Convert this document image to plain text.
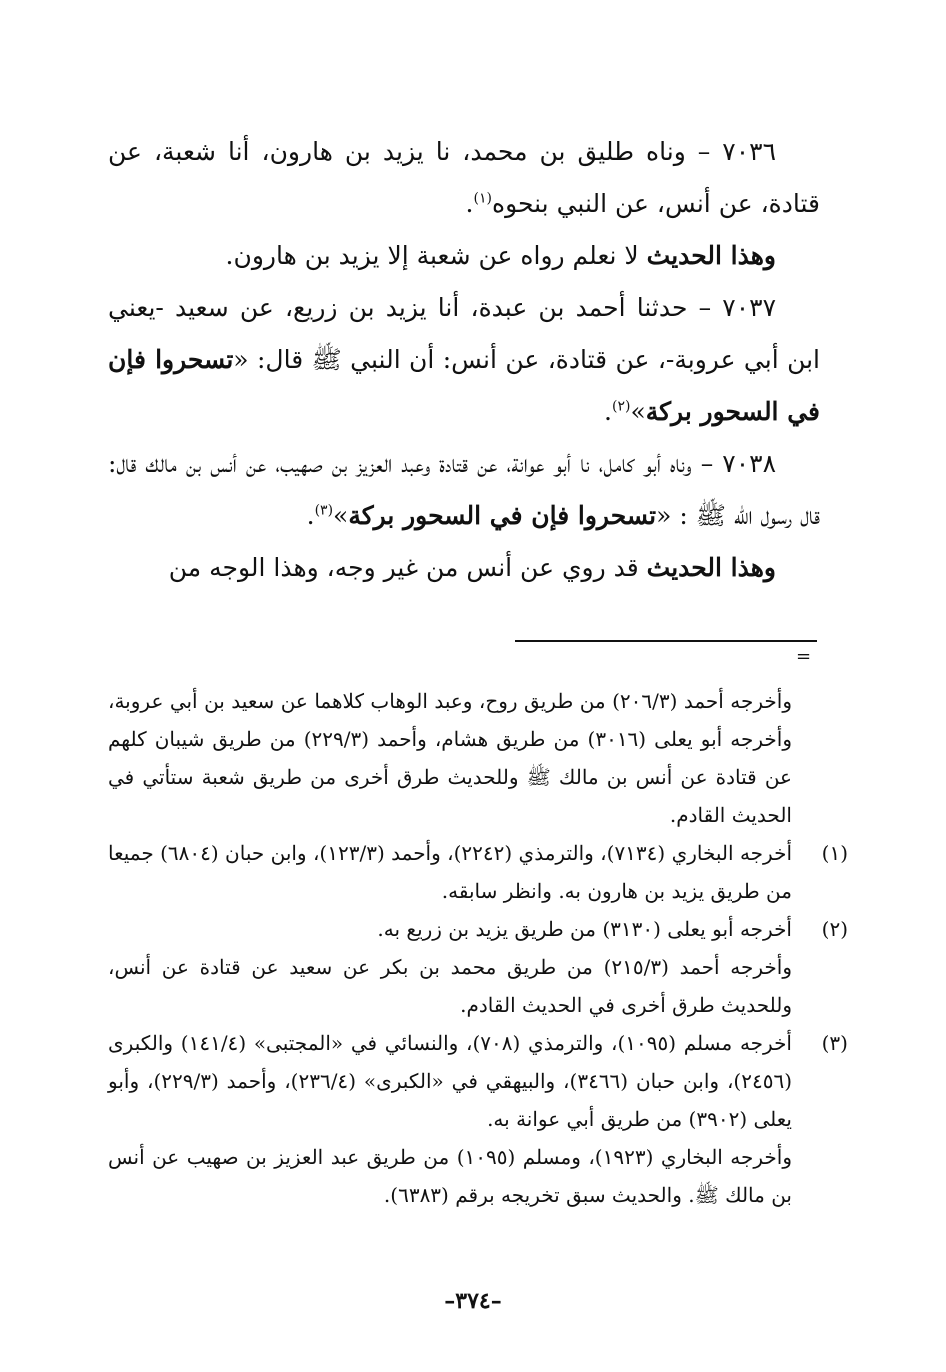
٧٠٣٦ – وناه طليق بن محمد، نا يزيد بن هارون، أنا شعبة، عن قتادة، عن أنس، عن النبي بنحوه$^{(١)}$.

وهذا الحديث لا نعلم رواه عن شعبة إلا يزيد بن هارون.

٧٠٣٧ – حدثنا أحمد بن عبدة، أنا يزيد بن زريع، عن سعيد -يعني ابن أبي عروبة-، عن قتادة، عن أنس: أن النبي ﷺ قال: «تسحروا فإن في السحور بركة»$^{(٢)}$.

٧٠٣٨ – وناه أبو كامل، نا أبو عوانة، عن قتادة وعبد العزيز بن صهيب، عن أنس بن مالك قال: قال رسول الله ﷺ : «تسحروا فإن في السحور بركة»$^{(٣)}$.

وهذا الحديث قد روي عن أنس من غير وجه، وهذا الوجه من

=

وأخرجه أحمد (٢٠٦/٣) من طريق روح، وعبد الوهاب كلاهما عن سعيد بن أبي عروبة، وأخرجه أبو يعلى (٣٠١٦) من طريق هشام، وأحمد (٢٢٩/٣) من طريق شيبان كلهم عن قتادة عن أنس بن مالك ﷺ وللحديث طرق أخرى من طريق شعبة ستأتي في الحديث القادم.

(١)أخرجه البخاري (٧١٣٤)، والترمذي (٢٢٤٢)، وأحمد (١٢٣/٣)، وابن حبان (٦٨٠٤) جميعا من طريق يزيد بن هارون به. وانظر سابقه.

(٢)أخرجه أبو يعلى (٣١٣٠) من طريق يزيد بن زريع به.

وأخرجه أحمد (٢١٥/٣) من طريق محمد بن بكر عن سعيد عن قتادة عن أنس، وللحديث طرق أخرى في الحديث القادم.

(٣)أخرجه مسلم (١٠٩٥)، والترمذي (٧٠٨)، والنسائي في «المجتبى» (١٤١/٤) والكبرى (٢٤٥٦)، وابن حبان (٣٤٦٦)، والبيهقي في «الكبرى» (٢٣٦/٤)، وأحمد (٢٢٩/٣)، وأبو يعلى (٣٩٠٢) من طريق أبي عوانة به.

وأخرجه البخاري (١٩٢٣)، ومسلم (١٠٩٥) من طريق عبد العزيز بن صهيب عن أنس بن مالك ﷺ. والحديث سبق تخريجه برقم (٦٣٨٣).

–٣٧٤–
